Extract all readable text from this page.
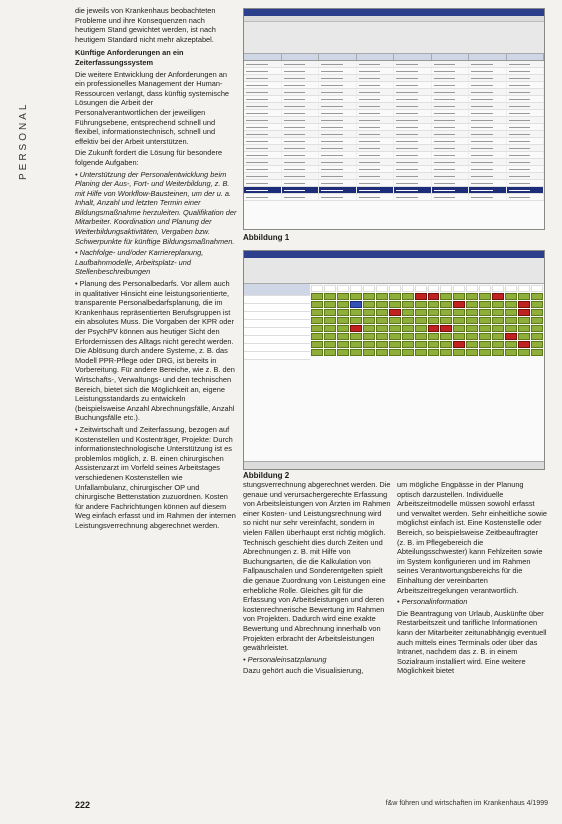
PERSONAL

die jeweils von Krankenhaus beobachteten Probleme und ihre Konsequenzen nach heutigem Stand gewichtet werden, ist nach heutigem Standard nicht mehr akzeptabel.

Künftige Anforderungen an ein Zeiterfassungssystem

Die weitere Entwicklung der Anforderungen an ein professionelles Management der Human-Ressourcen verlangt, dass künftig systemische Lösungen die Arbeit der Personalverantwortlichen der jeweiligen Führungsebene, entsprechend schnell und flexibel, informationstechnisch, schnell und effektiv bei der Arbeit unterstützen.

Die Zukunft fordert die Lösung für besondere folgende Aufgaben:

• Unterstützung der Personalentwicklung beim Planing der Aus-, Fort- und Weiterbildung, z. B. mit Hilfe von Workflow-Bausteinen, um der u. a. Inhalt, Anzahl und letzten Termin einer Bildungsmaßnahme herzuleiten. Qualifikation der Mitarbeiter. Koordination und Planung der Weiterbildungsaktivitäten, Vergaben bzw. Schwerpunkte für künftige Bildungsmaßnahmen.

• Nachfolge- und/oder Karriereplanung, Laufbahnmodelle, Arbeitsplatz- und Stellenbeschreibungen

• Planung des Personalbedarfs. Vor allem auch in qualitativer Hinsicht eine leistungsorientierte, transparente Personalbedarfsplanung, die im Krankenhaus repräsentierten Berufsgruppen ist ein absolutes Muss. Die Vorgaben der KPR oder der PsychPV können aus heutiger Sicht den Erfordernissen des Alltags nicht gerecht werden. Die Ablösung durch andere Systeme, z. B. das Modell PPR-Pflege oder DRG, ist bereits in Vorbereitung. Für andere Bereiche, wie z. B. den Wirtschafts-, Verwaltungs- und den technischen Bereich, bietet sich die Möglichkeit an, eigene Leistungsstandards zu entwickeln (beispielsweise Anzahl Abrechnungsfälle, Anzahl Buchungsfälle etc.).

• Zeitwirtschaft und Zeiterfassung, bezogen auf Kostenstellen und Kostenträger, Projekte: Durch informationstechnologische Unterstützung ist es problemlos möglich, z. B. einen chirurgischen Assistenzarzt im Vorfeld seines Arbeitstages verschiedenen Kostenstellen wie Unfallambulanz, chirurgischer OP und chirurgische Bettenstation zuzuordnen. Kosten für andere Fachrichtungen können auf diesem Weg einfach erfasst und im Rahmen der internen Leistungsverrechnung abgerechnet werden.

Abbildung 1
Abbildung 2

stungsverrechnung abgerechnet werden. Die genaue und verursachergerechte Erfassung von Arbeitsleistungen von Ärzten im Rahmen einer Kosten- und Leistungsrechnung wird so nicht nur sehr vereinfacht, sondern in vielen Fällen überhaupt erst richtig möglich. Technisch geschieht dies durch Zeiten und Abrechnungen z. B. mit Hilfe von Buchungsarten, die die Kalkulation von Fallpauschalen und Sonderentgelten spielt die genaue Zuordnung von Leistungen eine erhebliche Rolle. Gleiches gilt für die Erfassung von Arbeitsleistungen und deren kostenrechnerische Bewertung im Rahmen von Projekten. Dadurch wird eine exakte Bewertung und Abrechnung innerhalb von Projekten erbracht der Arbeitsleistungen gewährleistet.

• Personaleinsatzplanung

Dazu gehört auch die Visualisierung,

um mögliche Engpässe in der Planung optisch darzustellen. Individuelle Arbeitszeitmodelle müssen sowohl erfasst und verwaltet werden. Sehr einheitliche sowie möglichst einfach ist. Eine Kostenstelle oder Bereich, so beispielsweise Zeitbeauftragter (z. B. im Pflegebereich die Abteilungsschwester) kann Fehlzeiten sowie im System konfigurieren und im Rahmen seines Verantwortungsbereichs für die Einhaltung der vereinbarten Arbeitszeitregelungen verantwortlich.

• Personalinformation

Die Beantragung von Urlaub, Auskünfte über Restarbeitszeit und tarifliche Informationen kann der Mitarbeiter zeitunabhängig eventuell auch mittels eines Terminals oder über das Intranet, nachdem das z. B. in einem Sozialraum installiert wird. Eine weitere Möglichkeit bietet

222	f&w führen und wirtschaften im Krankenhaus 4/1999
